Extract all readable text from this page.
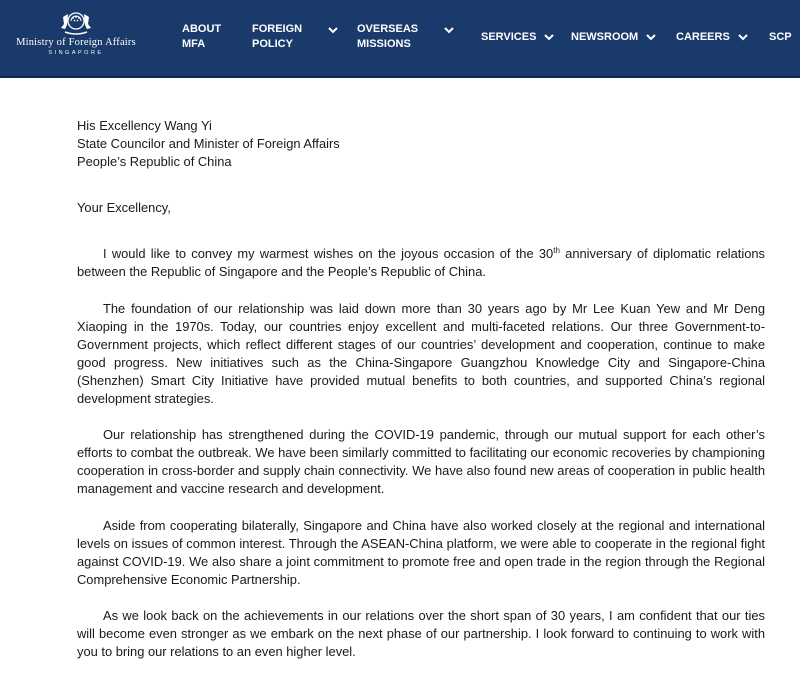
Ministry of Foreign Affairs
SINGAPORE
ABOUT
MFA
FOREIGN
POLICY
OVERSEAS
MISSIONS
SERVICES	NEWSROOM	CAREERS	SCP

His Excellency Wang Yi

State Councilor and Minister of Foreign Affairs

People’s Republic of China

Your Excellency,

I would like to convey my warmest wishes on the joyous occasion of the 30th anniversary of diplomatic relations between the Republic of Singapore and the People’s Republic of China.

The foundation of our relationship was laid down more than 30 years ago by Mr Lee Kuan Yew and Mr Deng Xiaoping in the 1970s. Today, our countries enjoy excellent and multi-faceted relations. Our three Government-to-Government projects, which reflect different stages of our countries’ development and cooperation, continue to make good progress. New initiatives such as the China-Singapore Guangzhou Knowledge City and Singapore-China (Shenzhen) Smart City Initiative have provided mutual benefits to both countries, and supported China’s regional development strategies.

Our relationship has strengthened during the COVID-19 pandemic, through our mutual support for each other’s efforts to combat the outbreak. We have been similarly committed to facilitating our economic recoveries by championing cooperation in cross-border and supply chain connectivity. We have also found new areas of cooperation in public health management and vaccine research and development.

Aside from cooperating bilaterally, Singapore and China have also worked closely at the regional and international levels on issues of common interest. Through the ASEAN-China platform, we were able to cooperate in the regional fight against COVID-19. We also share a joint commitment to promote free and open trade in the region through the Regional Comprehensive Economic Partnership.

As we look back on the achievements in our relations over the short span of 30 years, I am confident that our ties will become even stronger as we embark on the next phase of our partnership. I look forward to continuing to work with you to bring our relations to an even higher level.
